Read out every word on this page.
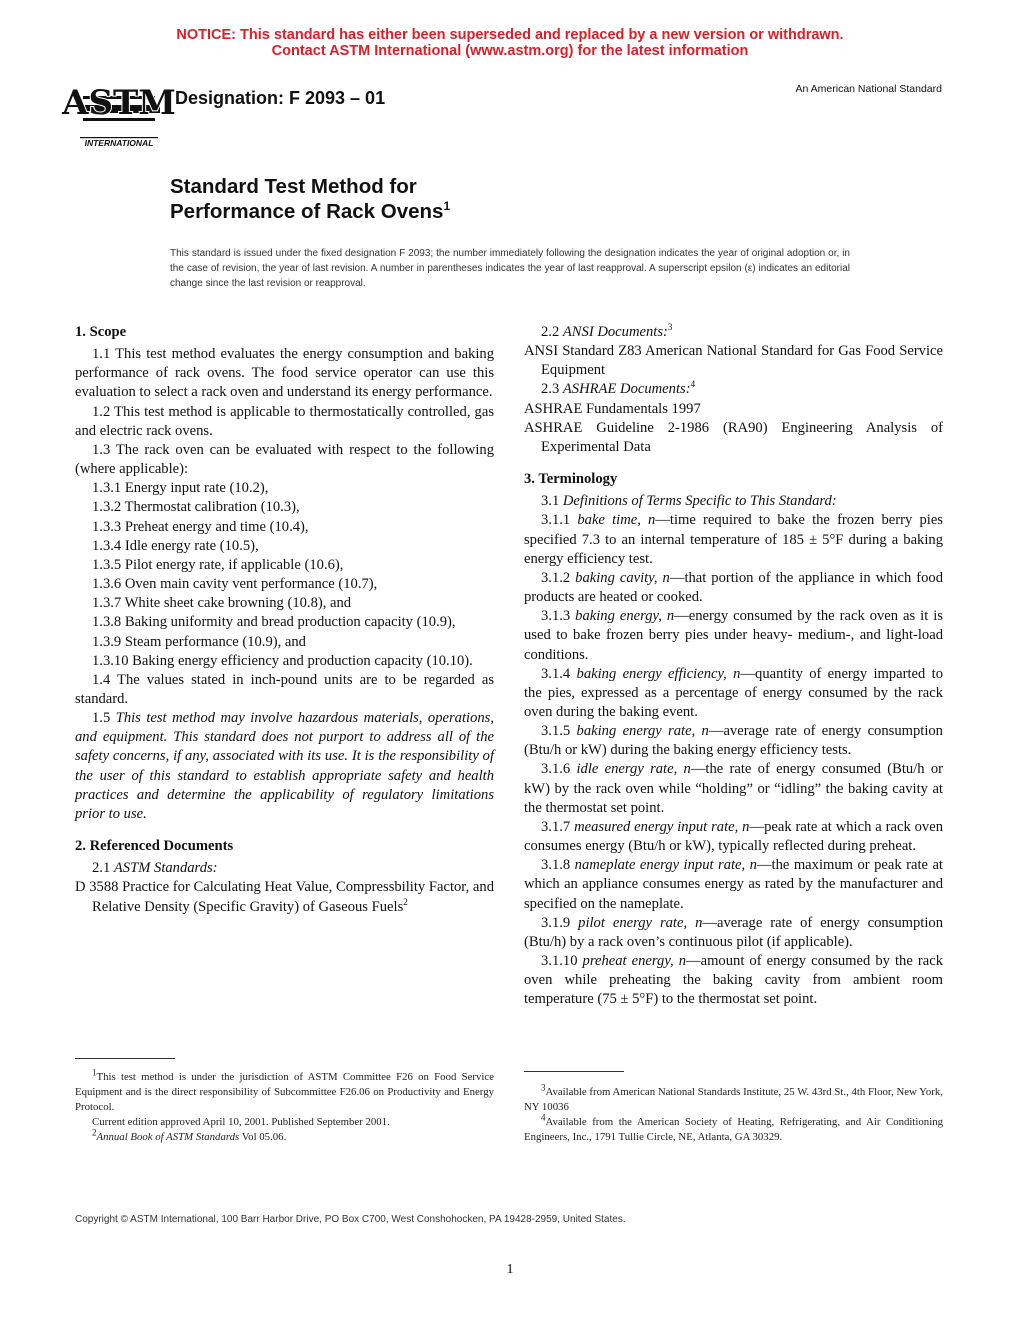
NOTICE: This standard has either been superseded and replaced by a new version or withdrawn.
Contact ASTM International (www.astm.org) for the latest information
ASTM
INTERNATIONAL
Designation: F 2093 – 01	An American National Standard
Standard Test Method for
Performance of Rack Ovens$^1$
This standard is issued under the fixed designation F 2093; the number immediately following the designation indicates the year of original adoption or, in the case of revision, the year of last revision. A number in parentheses indicates the year of last reapproval. A superscript epsilon (ε) indicates an editorial change since the last revision or reapproval.
1. Scope

1.1 This test method evaluates the energy consumption and baking performance of rack ovens. The food service operator can use this evaluation to select a rack oven and understand its energy performance.

1.2 This test method is applicable to thermostatically controlled, gas and electric rack ovens.

1.3 The rack oven can be evaluated with respect to the following (where applicable):

1.3.1 Energy input rate (10.2),

1.3.2 Thermostat calibration (10.3),

1.3.3 Preheat energy and time (10.4),

1.3.4 Idle energy rate (10.5),

1.3.5 Pilot energy rate, if applicable (10.6),

1.3.6 Oven main cavity vent performance (10.7),

1.3.7 White sheet cake browning (10.8), and

1.3.8 Baking uniformity and bread production capacity (10.9),

1.3.9 Steam performance (10.9), and

1.3.10 Baking energy efficiency and production capacity (10.10).

1.4 The values stated in inch-pound units are to be regarded as standard.

1.5 This test method may involve hazardous materials, operations, and equipment. This standard does not purport to address all of the safety concerns, if any, associated with its use. It is the responsibility of the user of this standard to establish appropriate safety and health practices and determine the applicability of regulatory limitations prior to use.

2. Referenced Documents

2.1 ASTM Standards:

D 3588 Practice for Calculating Heat Value, Compressbility Factor, and Relative Density (Specific Gravity) of Gaseous Fuels$^2$

2.2 ANSI Documents:$^3$

ANSI Standard Z83 American National Standard for Gas Food Service Equipment

2.3 ASHRAE Documents:$^4$

ASHRAE Fundamentals 1997

ASHRAE Guideline 2-1986 (RA90) Engineering Analysis of Experimental Data

3. Terminology

3.1 Definitions of Terms Specific to This Standard:

3.1.1 bake time, n—time required to bake the frozen berry pies specified 7.3 to an internal temperature of 185 ± 5°F during a baking energy efficiency test.

3.1.2 baking cavity, n—that portion of the appliance in which food products are heated or cooked.

3.1.3 baking energy, n—energy consumed by the rack oven as it is used to bake frozen berry pies under heavy- medium-, and light-load conditions.

3.1.4 baking energy efficiency, n—quantity of energy imparted to the pies, expressed as a percentage of energy consumed by the rack oven during the baking event.

3.1.5 baking energy rate, n—average rate of energy consumption (Btu/h or kW) during the baking energy efficiency tests.

3.1.6 idle energy rate, n—the rate of energy consumed (Btu/h or kW) by the rack oven while “holding” or “idling” the baking cavity at the thermostat set point.

3.1.7 measured energy input rate, n—peak rate at which a rack oven consumes energy (Btu/h or kW), typically reflected during preheat.

3.1.8 nameplate energy input rate, n—the maximum or peak rate at which an appliance consumes energy as rated by the manufacturer and specified on the nameplate.

3.1.9 pilot energy rate, n—average rate of energy consumption (Btu/h) by a rack oven’s continuous pilot (if applicable).

3.1.10 preheat energy, n—amount of energy consumed by the rack oven while preheating the baking cavity from ambient room temperature (75 ± 5°F) to the thermostat set point.

$^1$This test method is under the jurisdiction of ASTM Committee F26 on Food Service Equipment and is the direct responsibility of Subcommittee F26.06 on Productivity and Energy Protocol.

Current edition approved April 10, 2001. Published September 2001.

$^2$Annual Book of ASTM Standards Vol 05.06.

$^3$Available from American National Standards Institute, 25 W. 43rd St., 4th Floor, New York, NY 10036

$^4$Available from the American Society of Heating, Refrigerating, and Air Conditioning Engineers, Inc., 1791 Tullie Circle, NE, Atlanta, GA 30329.

Copyright © ASTM International, 100 Barr Harbor Drive, PO Box C700, West Conshohocken, PA 19428-2959, United States.
1
